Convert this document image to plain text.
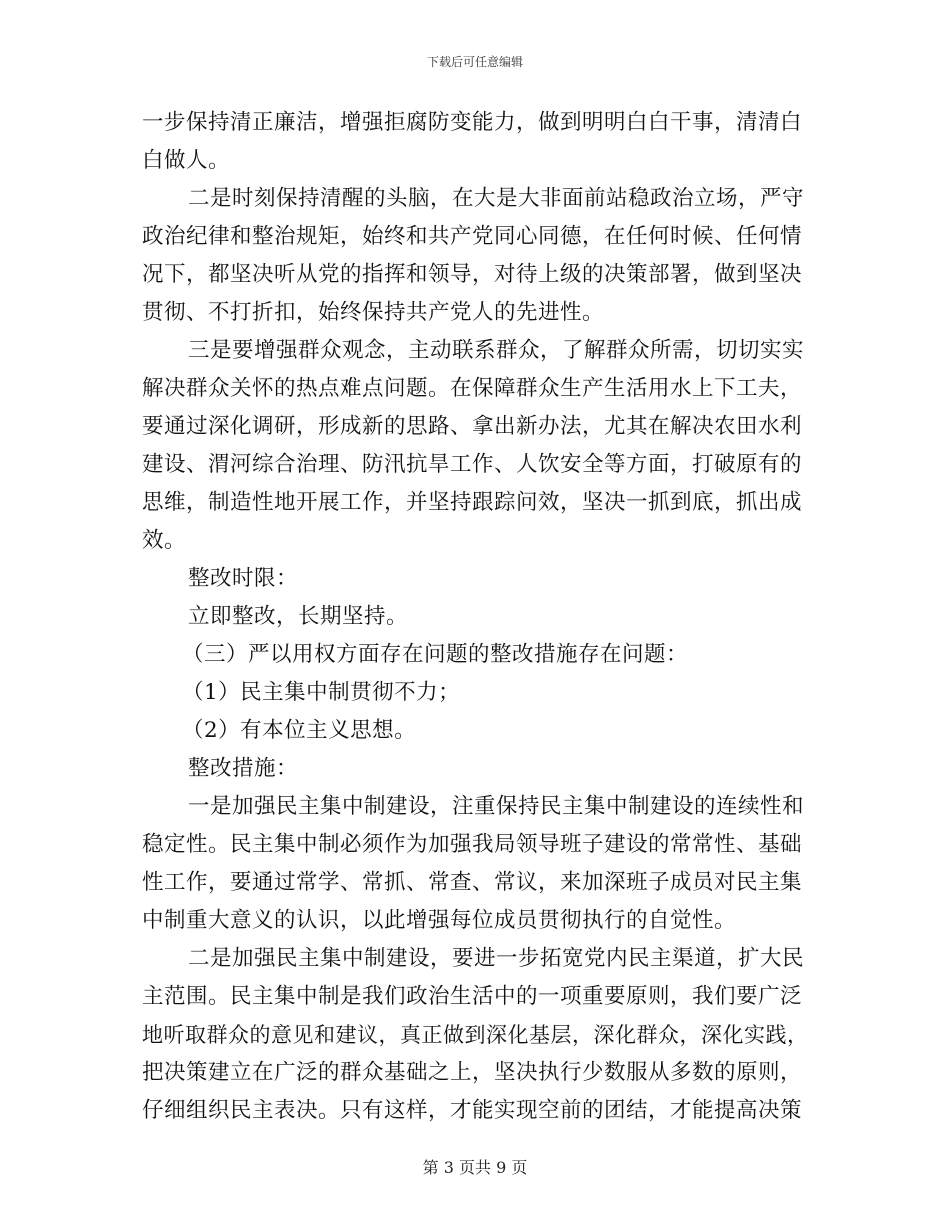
下载后可任意编辑
一步保持清正廉洁，增强拒腐防变能力，做到明明白白干事，清清白
白做人。
二是时刻保持清醒的头脑，在大是大非面前站稳政治立场，严守
政治纪律和整治规矩，始终和共产党同心同德，在任何时候、任何情
况下，都坚决听从党的指挥和领导，对待上级的决策部署，做到坚决
贯彻、不打折扣，始终保持共产党人的先进性。
三是要增强群众观念，主动联系群众，了解群众所需，切切实实
解决群众关怀的热点难点问题。在保障群众生产生活用水上下工夫，
要通过深化调研，形成新的思路、拿出新办法，尤其在解决农田水利
建设、渭河综合治理、防汛抗旱工作、人饮安全等方面，打破原有的
思维，制造性地开展工作，并坚持跟踪问效，坚决一抓到底，抓出成
效。
整改时限：
立即整改，长期坚持。
（三）严以用权方面存在问题的整改措施存在问题：
（1）民主集中制贯彻不力；
（2）有本位主义思想。
整改措施：
一是加强民主集中制建设，注重保持民主集中制建设的连续性和
稳定性。民主集中制必须作为加强我局领导班子建设的常常性、基础
性工作，要通过常学、常抓、常查、常议，来加深班子成员对民主集
中制重大意义的认识，以此增强每位成员贯彻执行的自觉性。
二是加强民主集中制建设，要进一步拓宽党内民主渠道，扩大民
主范围。民主集中制是我们政治生活中的一项重要原则，我们要广泛
地听取群众的意见和建议，真正做到深化基层，深化群众，深化实践，
把决策建立在广泛的群众基础之上，坚决执行少数服从多数的原则，
仔细组织民主表决。只有这样，才能实现空前的团结，才能提高决策
第 3 页共 9 页
